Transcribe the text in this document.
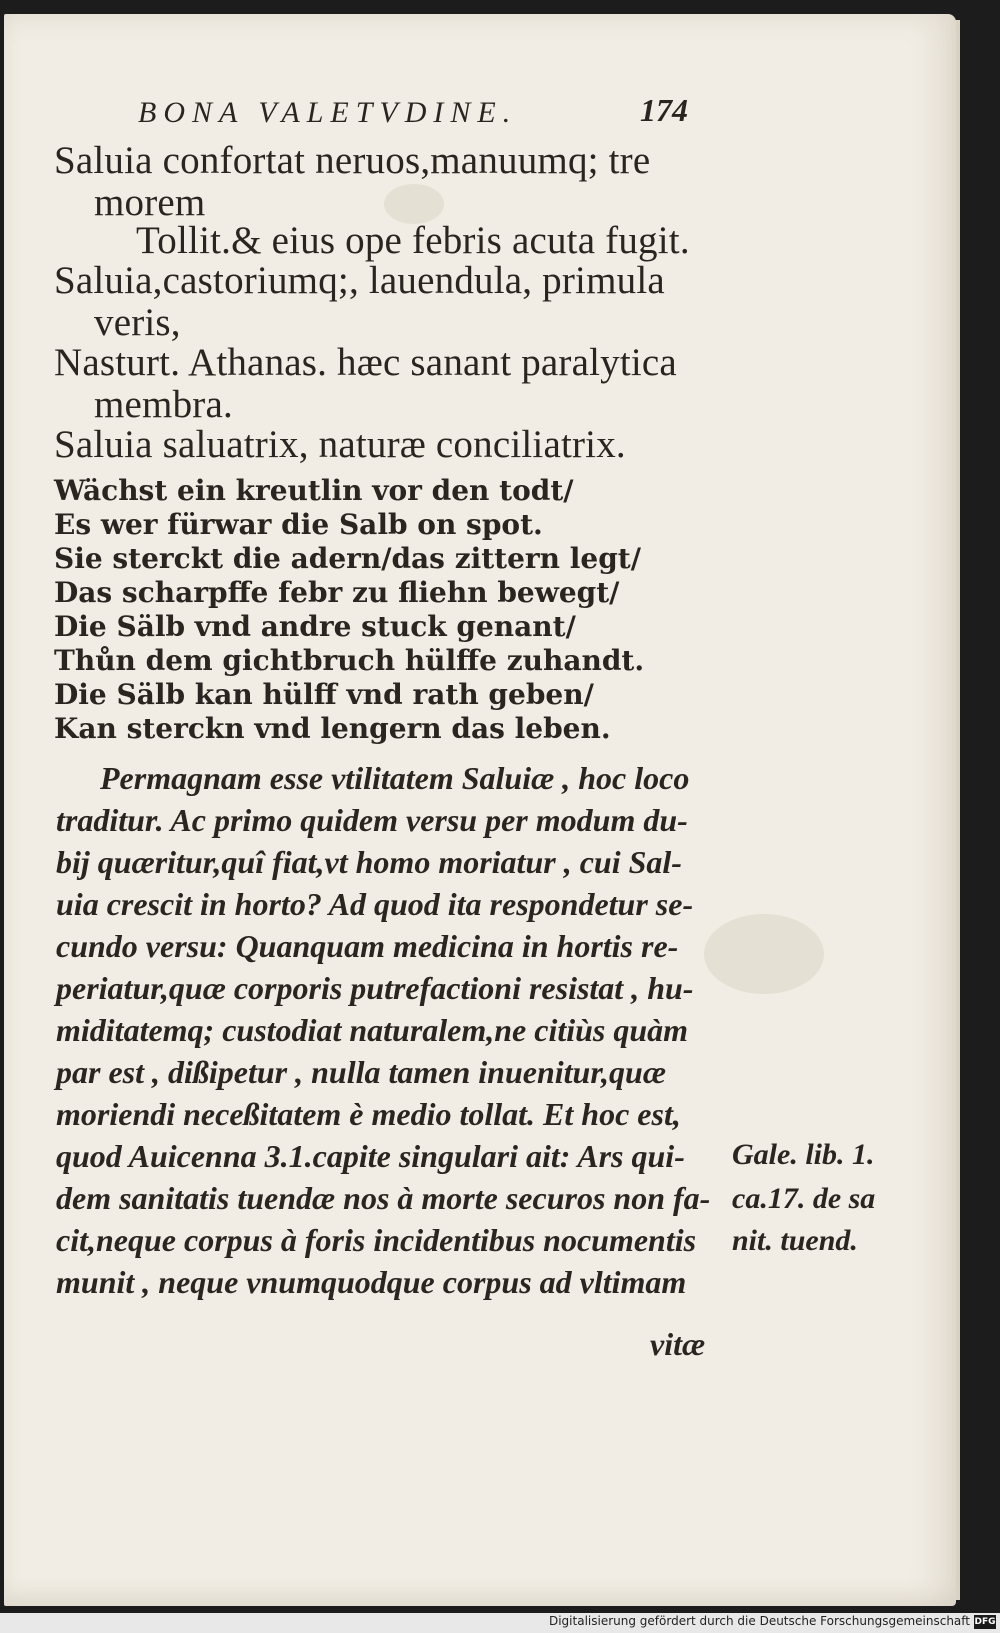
BONA VALETVDINE.	174
Saluia confortat neruos,manuumq; tre
morem
Tollit.& eius ope febris acuta fugit.
Saluia,castoriumq;, lauendula, primula
veris,
Nasturt. Athanas. hæc sanant paralytica
membra.
Saluia saluatrix, naturæ conciliatrix.
Wächst ein kreutlin vor den todt/
Es wer fürwar die Salb on spot.
Sie sterckt die adern/das zittern legt/
Das scharpffe febr zu fliehn bewegt/
Die Sälb vnd andre stuck genant/
Thůn dem gichtbruch hülffe zuhandt.
Die Sälb kan hülff vnd rath geben/
Kan sterckn vnd lengern das leben.
Permagnam esse vtilitatem Saluiæ , hoc loco
traditur. Ac primo quidem versu per modum du-
bij quæritur,quî fiat,vt homo moriatur , cui Sal-
uia crescit in horto? Ad quod ita respondetur se-
cundo versu: Quanquam medicina in hortis re-
periatur,quæ corporis putrefactioni resistat , hu-
miditatemq; custodiat naturalem,ne citiùs quàm
par est , dißipetur , nulla tamen inuenitur,quæ
moriendi neceßitatem è medio tollat. Et hoc est,
quod Auicenna 3.1.capite singulari ait: Ars qui-
dem sanitatis tuendæ nos à morte securos non fa-
cit,neque corpus à foris incidentibus nocumentis
munit , neque vnumquodque corpus ad vltimam
vitæ
Gale. lib. 1.
ca.17. de sa
nit. tuend.
Digitalisierung gefördert durch die Deutsche Forschungsgemeinschaft DFG
